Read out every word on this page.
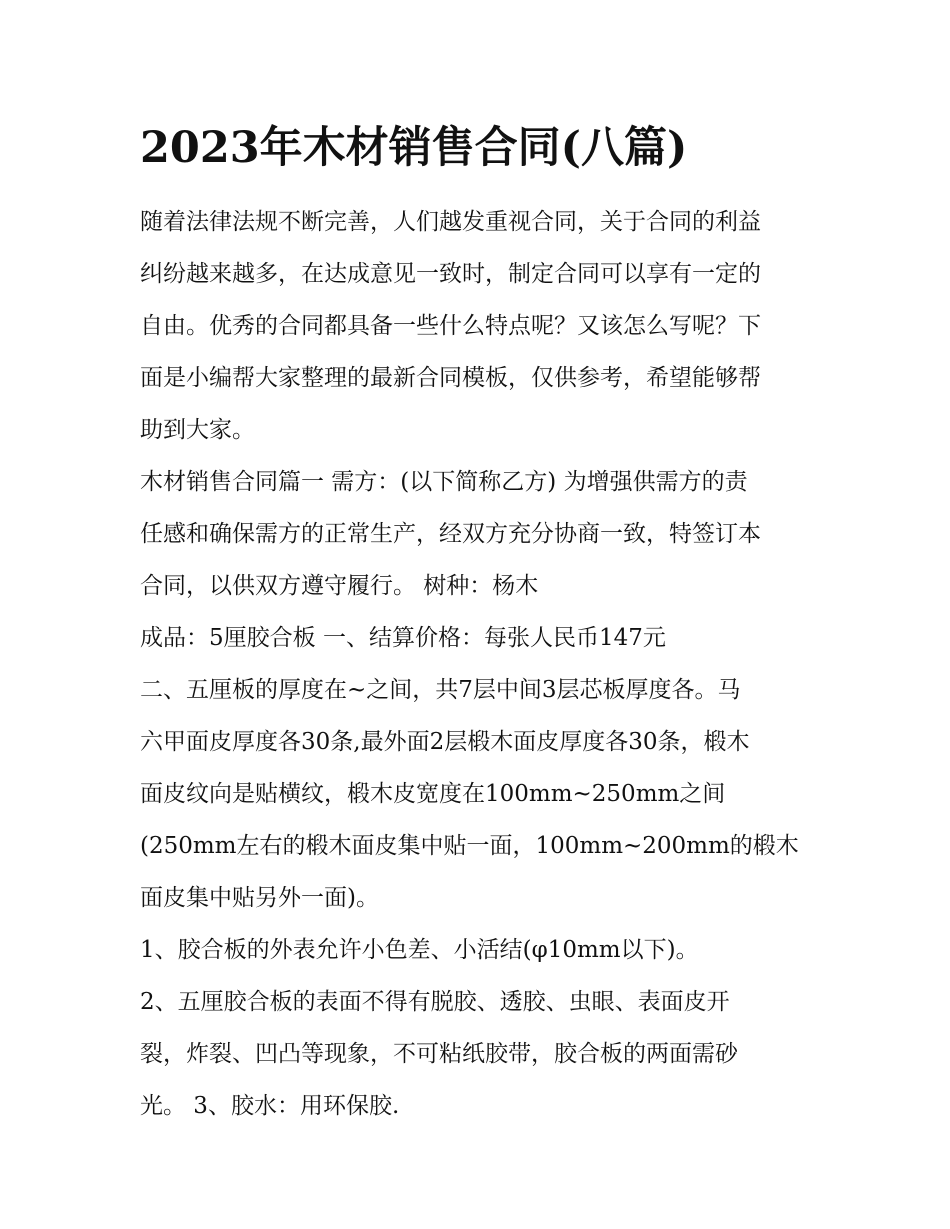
2023年木材销售合同(八篇)
随着法律法规不断完善，人们越发重视合同，关于合同的利益
纠纷越来越多，在达成意见一致时，制定合同可以享有一定的
自由。优秀的合同都具备一些什么特点呢？又该怎么写呢？下
面是小编帮大家整理的最新合同模板，仅供参考，希望能够帮
助到大家。
木材销售合同篇一 需方：(以下简称乙方) 为增强供需方的责
任感和确保需方的正常生产，经双方充分协商一致，特签订本
合同，以供双方遵守履行。 树种：杨木
成品：5厘胶合板 一、结算价格：每张人民币147元
二、五厘板的厚度在~之间，共7层中间3层芯板厚度各。马
六甲面皮厚度各30条,最外面2层椴木面皮厚度各30条，椴木
面皮纹向是贴横纹，椴木皮宽度在100mm~250mm之间
(250mm左右的椴木面皮集中贴一面，100mm~200mm的椴木
面皮集中贴另外一面)。
1、胶合板的外表允许小色差、小活结(φ10mm以下)。
2、五厘胶合板的表面不得有脱胶、透胶、虫眼、表面皮开
裂，炸裂、凹凸等现象，不可粘纸胶带，胶合板的两面需砂
光。 3、胶水：用环保胶.
